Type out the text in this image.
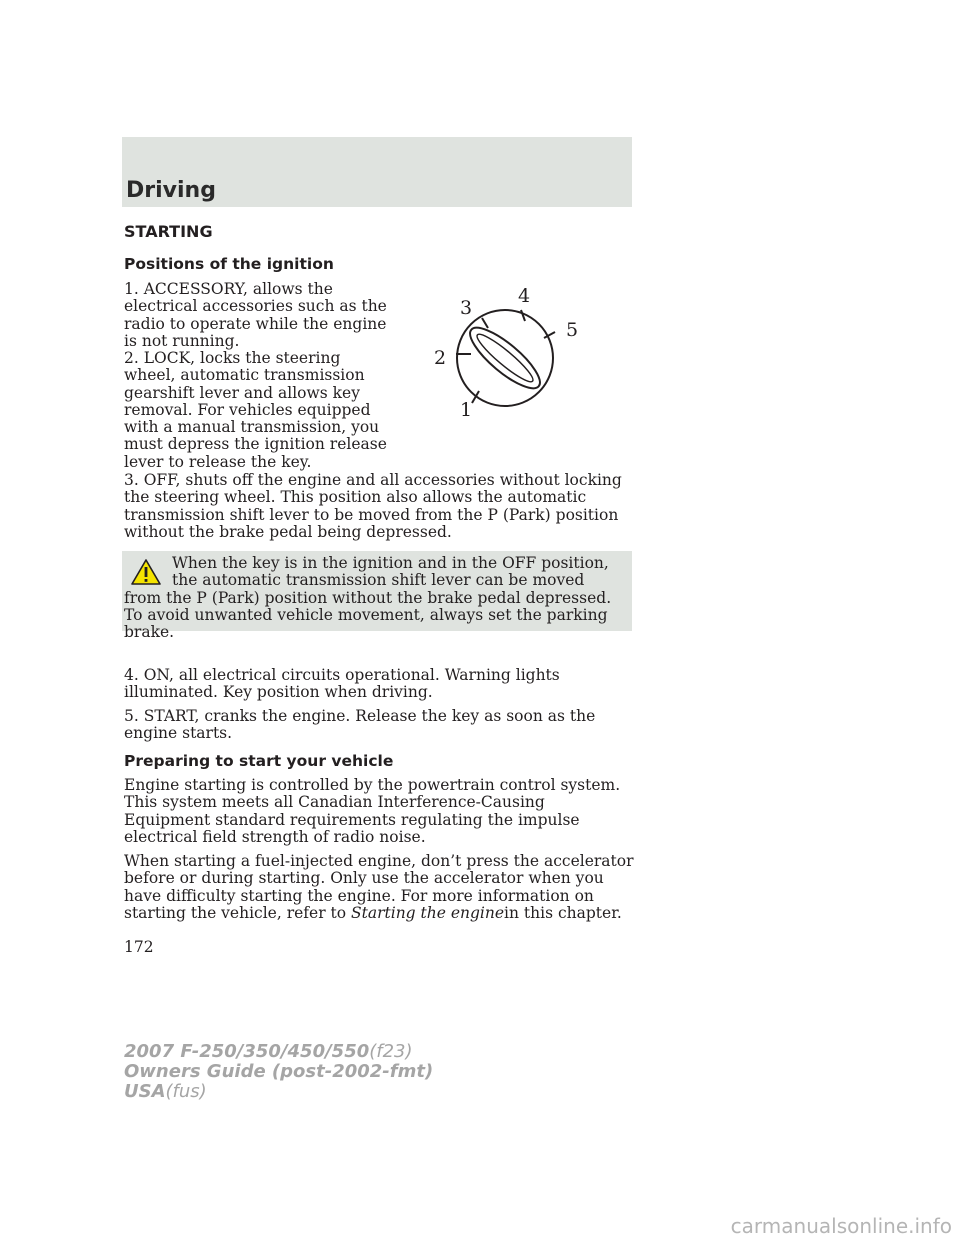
Driving
STARTING
Positions of the ignition

1. ACCESSORY, allows the electrical accessories such as the radio to operate while the engine is not running.

2. LOCK, locks the steering wheel, automatic transmission gearshift lever and allows key removal. For vehicles equipped with a manual transmission, you must depress the ignition release lever to release the key.

3. OFF, shuts off the engine and all accessories without locking the steering wheel. This position also allows the automatic transmission shift lever to be moved from the P (Park) position without the brake pedal being depressed.

1
2
3
4
5

When the key is in the ignition and in the OFF position, the automatic transmission shift lever can be moved from the P (Park) position without the brake pedal depressed. To avoid unwanted vehicle movement, always set the parking brake.

4. ON, all electrical circuits operational. Warning lights illuminated. Key position when driving.

5. START, cranks the engine. Release the key as soon as the engine starts.

Preparing to start your vehicle

Engine starting is controlled by the powertrain control system. This system meets all Canadian Interference-Causing Equipment standard requirements regulating the impulse electrical field strength of radio noise.

When starting a fuel-injected engine, don’t press the accelerator before or during starting. Only use the accelerator when you have difficulty starting the engine. For more information on starting the vehicle, refer to Starting the enginein this chapter.

172
2007 F-250/350/450/550(f23)
Owners Guide (post-2002-fmt)
USA(fus)
carmanualsonline.info
